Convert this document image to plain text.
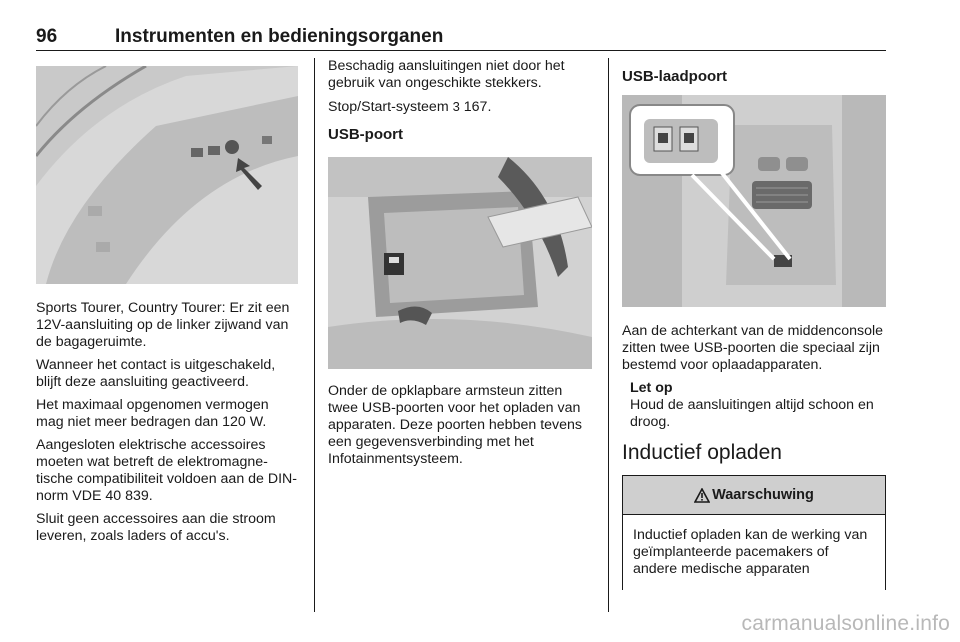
96	Instrumenten en bedieningsorganen

Sports Tourer, Country Tourer: Er zit een 12V-aansluiting op de linker zijwand van de bagageruimte.

Wanneer het contact is uitgeschakeld, blijft deze aansluiting geactiveerd.

Het maximaal opgenomen vermogen mag niet meer bedragen dan 120 W.

Aangesloten elektrische accessoires moeten wat betreft de elektromagnetische compatibiliteit voldoen aan de DIN-norm VDE 40 839.

Sluit geen accessoires aan die stroom leveren, zoals laders of accu's.

Beschadig aansluitingen niet door het gebruik van ongeschikte stekkers.

Stop/Start-systeem 3 167.

USB-poort

Onder de opklapbare armsteun zitten twee USB-poorten voor het opladen van apparaten. Deze poorten hebben tevens een gegevensverbinding met het Infotainmentsysteem.

USB-laadpoort

Aan de achterkant van de middenconsole zitten twee USB-poorten die speciaal zijn bestemd voor oplaadapparaten.

Let op

Houd de aansluitingen altijd schoon en droog.

Inductief opladen
Waarschuwing

Inductief opladen kan de werking van geïmplanteerde pacemakers of andere medische apparaten

carmanualsonline.info
